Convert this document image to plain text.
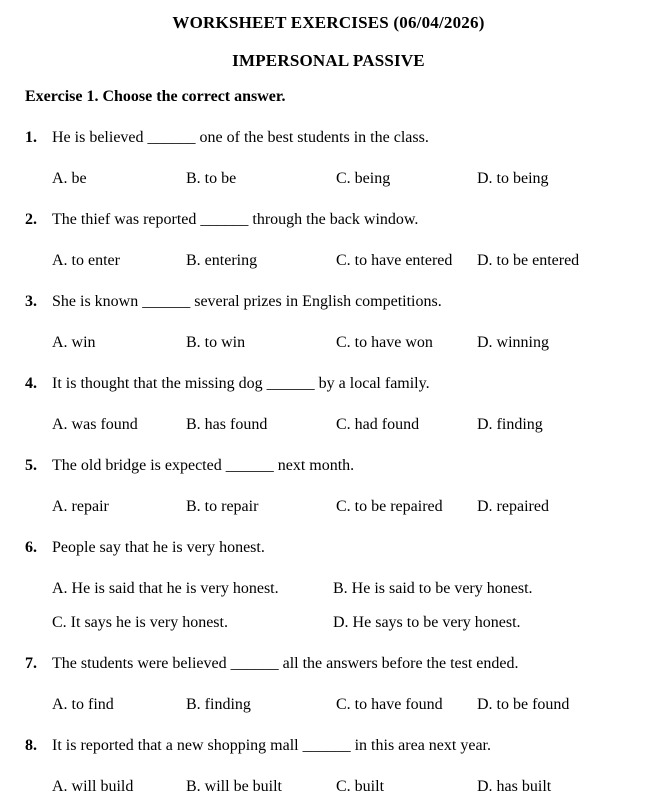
WORKSHEET EXERCISES (06/04/2026)
IMPERSONAL PASSIVE
Exercise 1. Choose the correct answer.
1. He is believed ______ one of the best students in the class.
A. be	B. to be	C. being	D. to being
2. The thief was reported ______ through the back window.
A. to enter	B. entering	C. to have entered	D. to be entered
3. She is known ______ several prizes in English competitions.
A. win	B. to win	C. to have won	D. winning
4. It is thought that the missing dog ______ by a local family.
A. was found	B. has found	C. had found	D. finding
5. The old bridge is expected ______ next month.
A. repair	B. to repair	C. to be repaired	D. repaired
6. People say that he is very honest.
A. He is said that he is very honest.	B. He is said to be very honest.
C. It says he is very honest.	D. He says to be very honest.
7. The students were believed ______ all the answers before the test ended.
A. to find	B. finding	C. to have found	D. to be found
8. It is reported that a new shopping mall ______ in this area next year.
A. will build	B. will be built	C. built	D. has built
